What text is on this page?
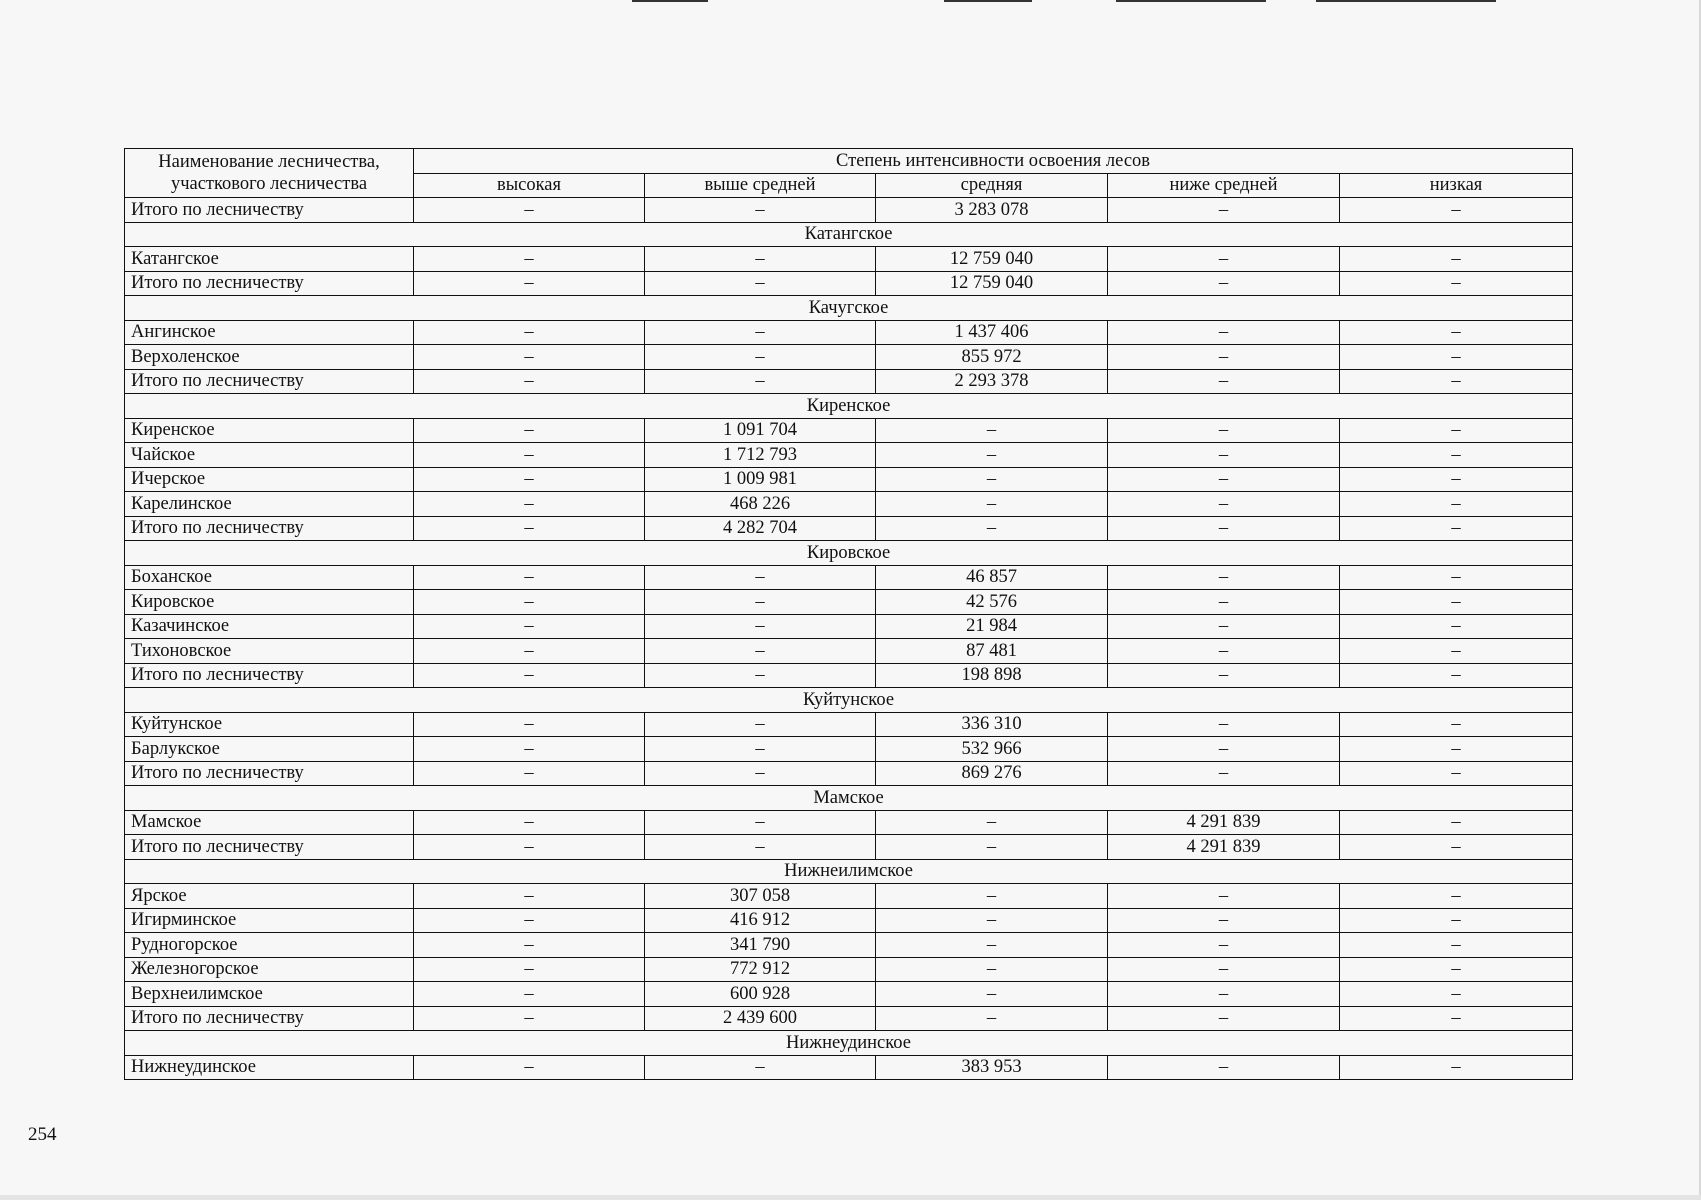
Наименование лесничества, участкового лесничества	Степень интенсивности освоения лесов				
	высокая	выше средней	средняя	ниже средней	низкая
Итого по лесничеству	–	–	3 283 078	–	–
Катангское					
Катангское	–	–	12 759 040	–	–
Итого по лесничеству	–	–	12 759 040	–	–
Качугское					
Ангинское	–	–	1 437 406	–	–
Верхоленское	–	–	855 972	–	–
Итого по лесничеству	–	–	2 293 378	–	–
Киренское					
Киренское	–	1 091 704	–	–	–
Чайское	–	1 712 793	–	–	–
Ичерское	–	1 009 981	–	–	–
Карелинское	–	468 226	–	–	–
Итого по лесничеству	–	4 282 704	–	–	–
Кировское					
Бoханское	–	–	46 857	–	–
Кировское	–	–	42 576	–	–
Казачинское	–	–	21 984	–	–
Тихоновское	–	–	87 481	–	–
Итого по лесничеству	–	–	198 898	–	–
Куйтунское					
Куйтунское	–	–	336 310	–	–
Барлукское	–	–	532 966	–	–
Итого по лесничеству	–	–	869 276	–	–
Мамское					
Мамское	–	–	–	4 291 839	–
Итого по лесничеству	–	–	–	4 291 839	–
Нижнеилимское					
Ярское	–	307 058	–	–	–
Игирминское	–	416 912	–	–	–
Рудногорское	–	341 790	–	–	–
Железногорское	–	772 912	–	–	–
Верхнеилимское	–	600 928	–	–	–
Итого по лесничеству	–	2 439 600	–	–	–
Нижнеудинское					
Нижнеудинское	–	–	383 953	–	–
254
